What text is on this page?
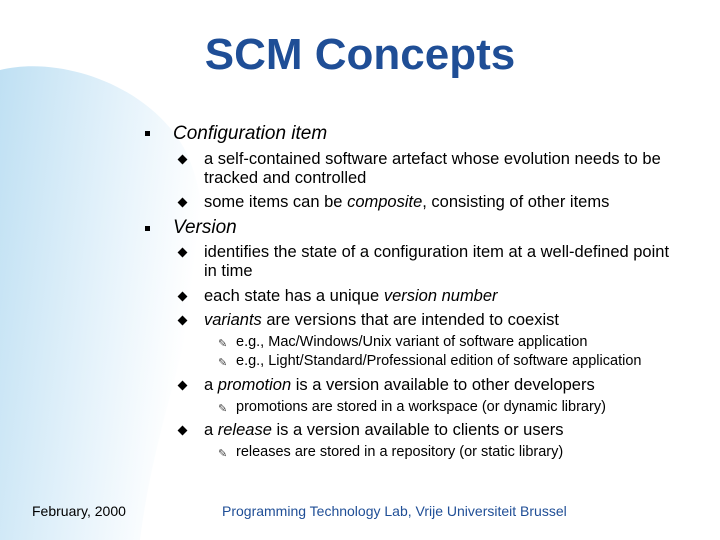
SCM Concepts
Configuration item
a self-contained software artefact whose evolution needs to be tracked and controlled
some items can be composite, consisting of other items
Version
identifies the state of a configuration item at a well-defined point in time
each state has a unique version number
variants are versions that are intended to coexist
✎ e.g., Mac/Windows/Unix variant of software application
✎ e.g., Light/Standard/Professional edition of software application
a promotion is a version available to other developers
✎ promotions are stored in a workspace (or dynamic library)
a release is a version available to clients or users
✎ releases are stored in a repository (or static library)
February, 2000	Programming Technology Lab, Vrije Universiteit Brussel
